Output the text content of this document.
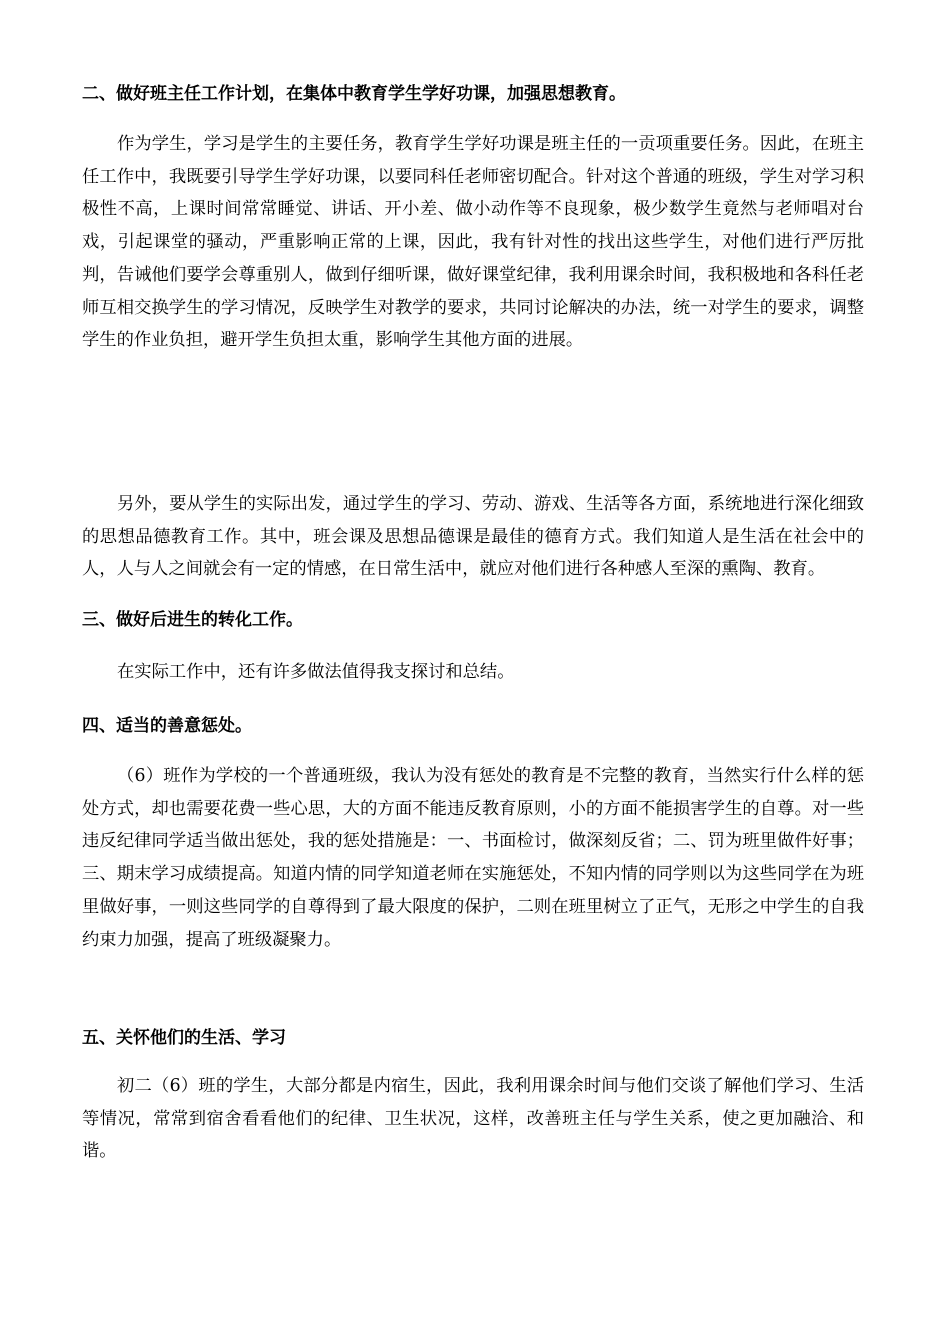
二、做好班主任工作计划，在集体中教育学生学好功课，加强思想教育。

作为学生，学习是学生的主要任务，教育学生学好功课是班主任的一贡项重要任务。因此，在班主任工作中，我既要引导学生学好功课，以要同科任老师密切配合。针对这个普通的班级，学生对学习积极性不高，上课时间常常睡觉、讲话、开小差、做小动作等不良现象，极少数学生竟然与老师唱对台戏，引起课堂的骚动，严重影响正常的上课，因此，我有针对性的找出这些学生，对他们进行严厉批判，告诫他们要学会尊重别人，做到仔细听课，做好课堂纪律，我利用课余时间，我积极地和各科任老师互相交换学生的学习情况，反映学生对教学的要求，共同讨论解决的办法，统一对学生的要求，调整学生的作业负担，避开学生负担太重，影响学生其他方面的进展。

另外，要从学生的实际出发，通过学生的学习、劳动、游戏、生活等各方面，系统地进行深化细致的思想品德教育工作。其中，班会课及思想品德课是最佳的德育方式。我们知道人是生活在社会中的人，人与人之间就会有一定的情感，在日常生活中，就应对他们进行各种感人至深的熏陶、教育。

三、做好后进生的转化工作。

在实际工作中，还有许多做法值得我支探讨和总结。

四、适当的善意惩处。

（6）班作为学校的一个普通班级，我认为没有惩处的教育是不完整的教育，当然实行什么样的惩处方式，却也需要花费一些心思，大的方面不能违反教育原则，小的方面不能损害学生的自尊。对一些违反纪律同学适当做出惩处，我的惩处措施是：一、书面检讨，做深刻反省；二、罚为班里做件好事；三、期末学习成绩提高。知道内情的同学知道老师在实施惩处，不知内情的同学则以为这些同学在为班里做好事，一则这些同学的自尊得到了最大限度的保护，二则在班里树立了正气，无形之中学生的自我约束力加强，提高了班级凝聚力。

五、关怀他们的生活、学习

初二（6）班的学生，大部分都是内宿生，因此，我利用课余时间与他们交谈了解他们学习、生活等情况，常常到宿舍看看他们的纪律、卫生状况，这样，改善班主任与学生关系，使之更加融洽、和谐。
